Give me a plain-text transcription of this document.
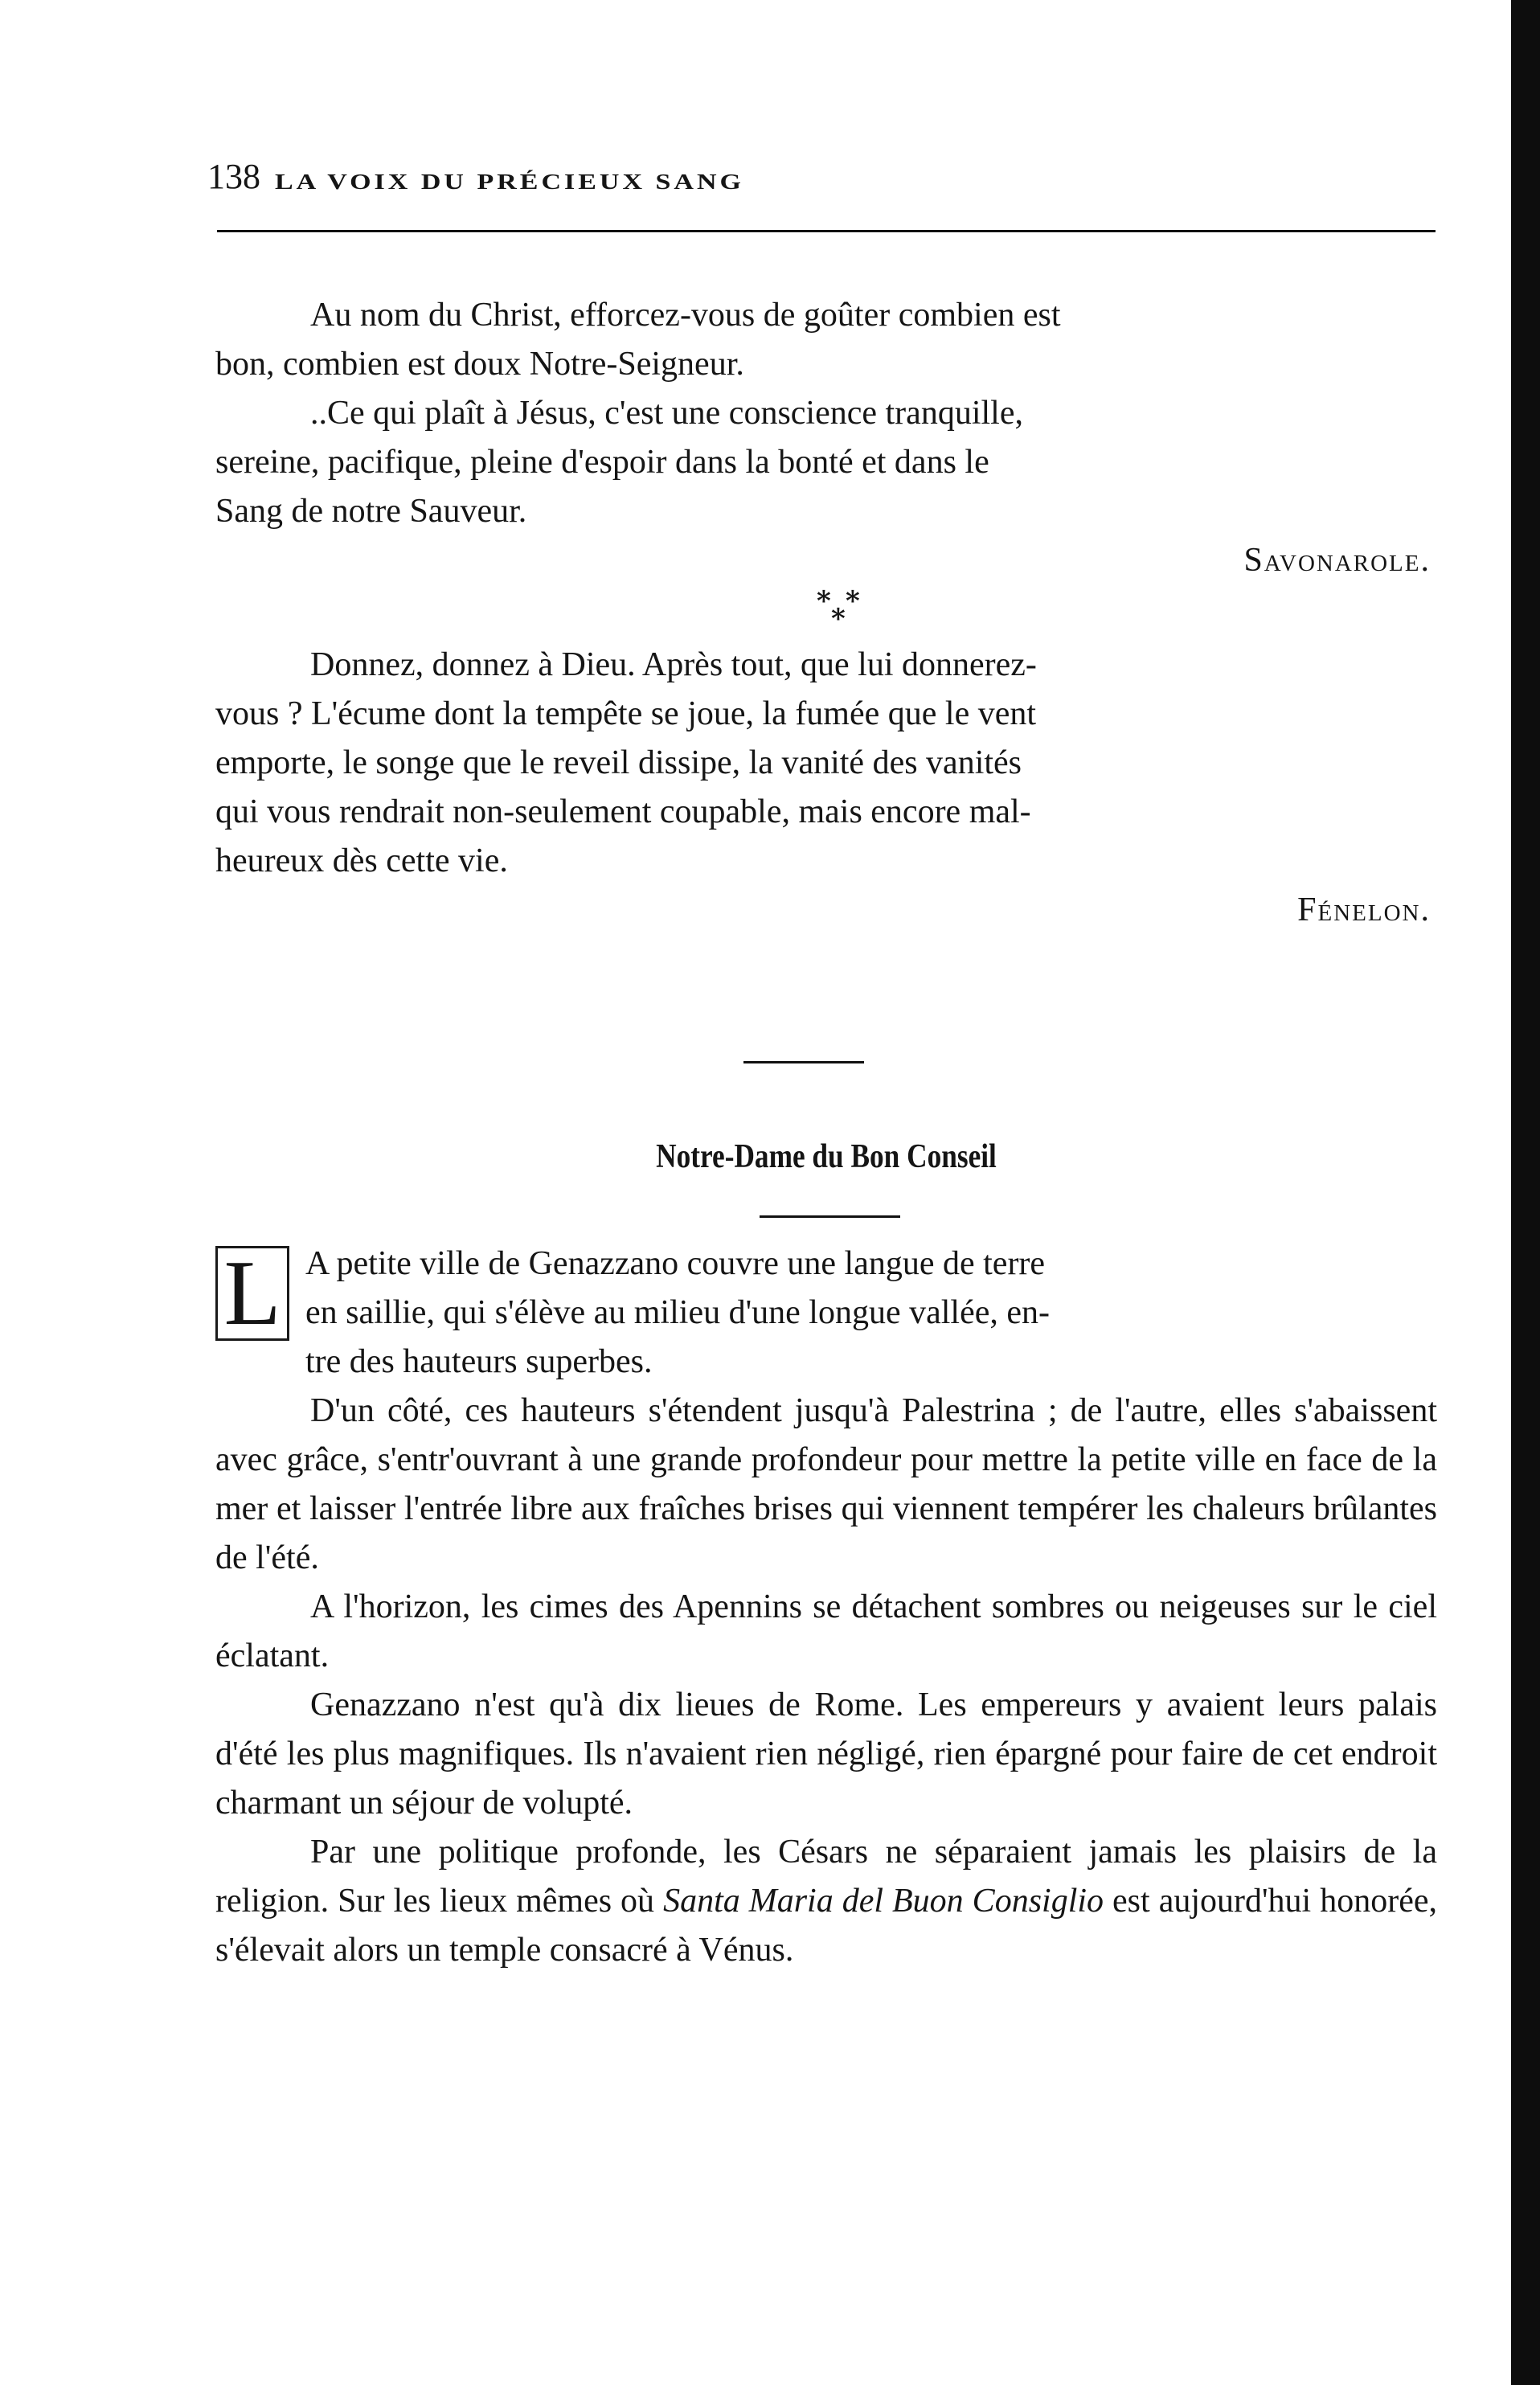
138 LA VOIX DU PRÉCIEUX SANG

Au nom du Christ, efforcez-vous de goûter combien est

bon, combien est doux Notre-Seigneur.

..Ce qui plaît à Jésus, c'est une conscience tranquille,

sereine, pacifique, pleine d'espoir dans la bonté et dans le

Sang de notre Sauveur.

Savonarole.

* *
*

Donnez, donnez à Dieu. Après tout, que lui donnerez-

vous ? L'écume dont la tempête se joue, la fumée que le vent

emporte, le songe que le reveil dissipe, la vanité des vanités

qui vous rendrait non-seulement coupable, mais encore mal-

heureux dès cette vie.

Fénelon.

Notre-Dame du Bon Conseil
L A petite ville de Genazzano couvre une langue de terre

en saillie, qui s'élève au milieu d'une longue vallée, en-

tre des hauteurs superbes.

D'un côté, ces hauteurs s'étendent jusqu'à Palestrina ; de l'autre, elles s'abaissent avec grâce, s'entr'ouvrant à une grande profondeur pour mettre la petite ville en face de la mer et laisser l'entrée libre aux fraîches brises qui viennent tempérer les chaleurs brûlantes de l'été.

A l'horizon, les cimes des Apennins se détachent sombres ou neigeuses sur le ciel éclatant.

Genazzano n'est qu'à dix lieues de Rome. Les empereurs y avaient leurs palais d'été les plus magnifiques. Ils n'avaient rien négligé, rien épargné pour faire de cet endroit charmant un séjour de volupté.

Par une politique profonde, les Césars ne séparaient jamais les plaisirs de la religion. Sur les lieux mêmes où Santa Maria del Buon Consiglio est aujourd'hui honorée, s'élevait alors un temple consacré à Vénus.
